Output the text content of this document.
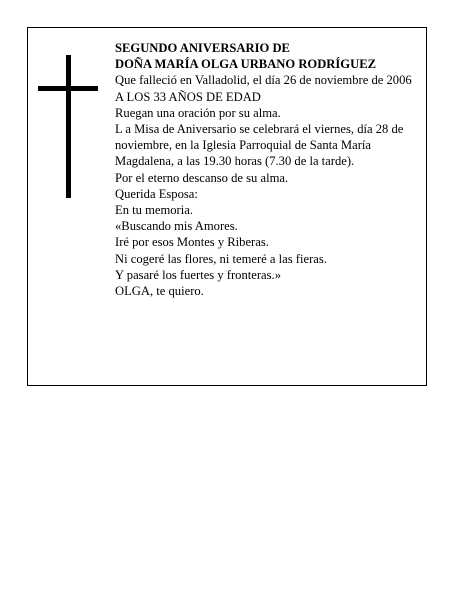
SEGUNDO ANIVERSARIO DE
DOÑA MARÍA OLGA URBANO RODRÍGUEZ
Que falleció en Valladolid, el día 26 de noviembre de 2006
A LOS 33 AÑOS DE EDAD
Ruegan una oración por su alma.
L a Misa de Aniversario se celebrará el viernes, día 28 de noviembre, en la Iglesia Parroquial de Santa María Magdalena, a las 19.30 horas (7.30 de la tarde).
Por el eterno descanso de su alma.
Querida Esposa:
En tu memoria.
«Buscando mis Amores.
Iré por esos Montes y Riberas.
Ni cogeré las flores, ni temeré a las fieras.
Y pasaré los fuertes y fronteras.»
OLGA, te quiero.
